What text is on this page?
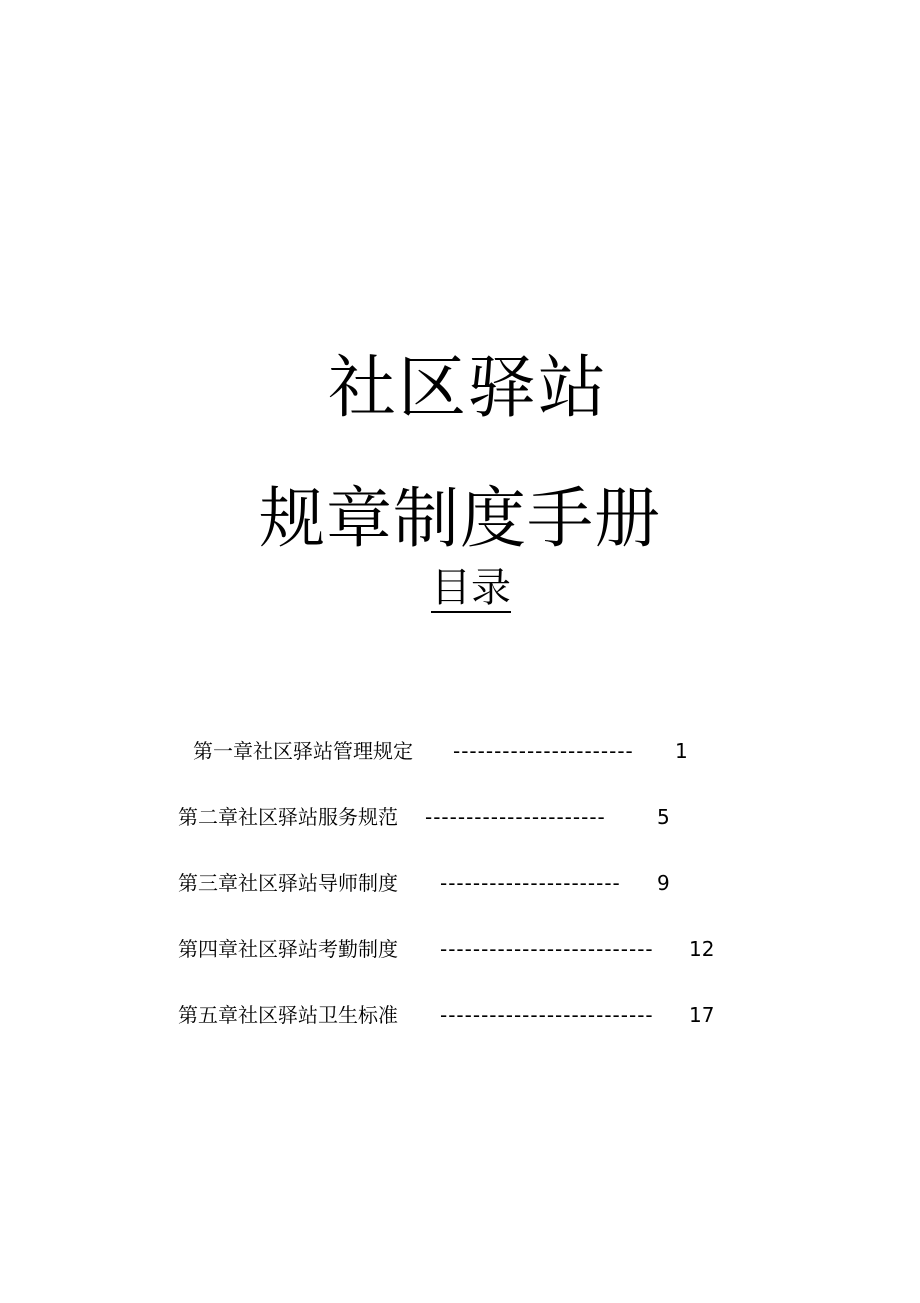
社区驿站
规章制度手册
目录
第一章社区驿站管理规定 ----------------------	1
第二章社区驿站服务规范 ----------------------	5
第三章社区驿站导师制度 ----------------------	9
第四章社区驿站考勤制度 --------------------------	12
第五章社区驿站卫生标准 --------------------------	17
